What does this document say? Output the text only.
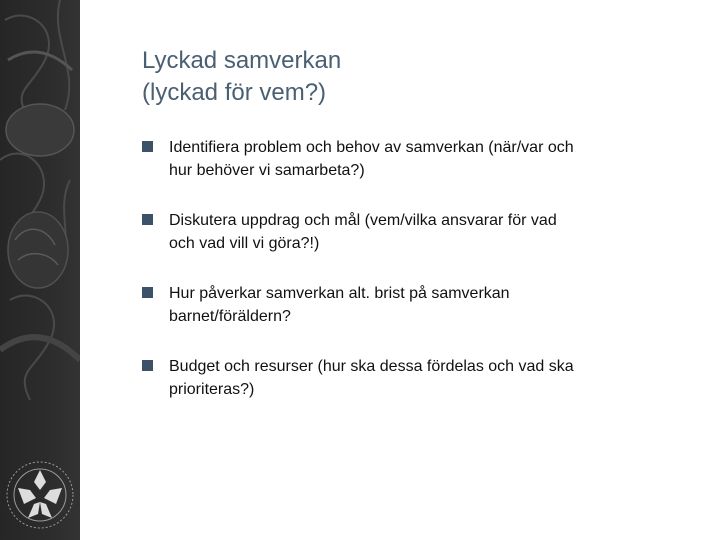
Lyckad samverkan
(lyckad för vem?)
Identifiera problem och behov av samverkan (när/var och
hur behöver vi samarbeta?)
Diskutera uppdrag och mål (vem/vilka ansvarar för vad
och vad vill vi göra?!)
Hur påverkar samverkan alt. brist på samverkan
barnet/föräldern?
Budget och resurser (hur ska dessa fördelas och vad ska
prioriteras?)
